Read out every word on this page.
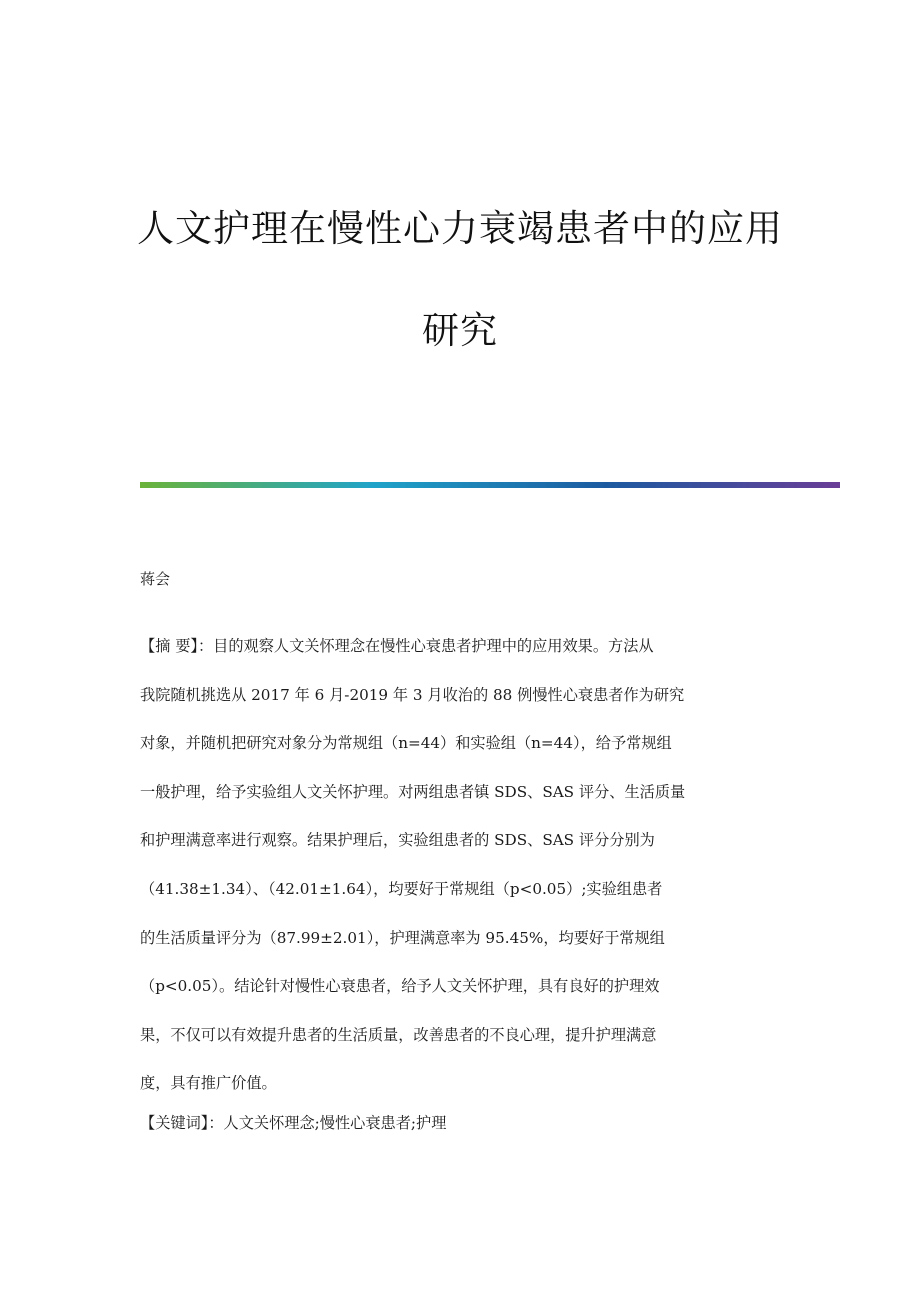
人文护理在慢性心力衰竭患者中的应用
研究
蒋会
【摘 要】：目的观察人文关怀理念在慢性心衰患者护理中的应用效果。方法从
我院随机挑选从 2017 年 6 月-2019 年 3 月收治的 88 例慢性心衰患者作为研究
对象，并随机把研究对象分为常规组（n=44）和实验组（n=44），给予常规组
一般护理，给予实验组人文关怀护理。对两组患者镇 SDS、SAS 评分、生活质量
和护理满意率进行观察。结果护理后，实验组患者的 SDS、SAS 评分分别为
（41.38±1.34）、（42.01±1.64），均要好于常规组（p<0.05）;实验组患者
的生活质量评分为（87.99±2.01），护理满意率为 95.45%，均要好于常规组
（p<0.05）。结论针对慢性心衰患者，给予人文关怀护理，具有良好的护理效
果，不仅可以有效提升患者的生活质量，改善患者的不良心理，提升护理满意
度，具有推广价值。
【关键词】：人文关怀理念;慢性心衰患者;护理
